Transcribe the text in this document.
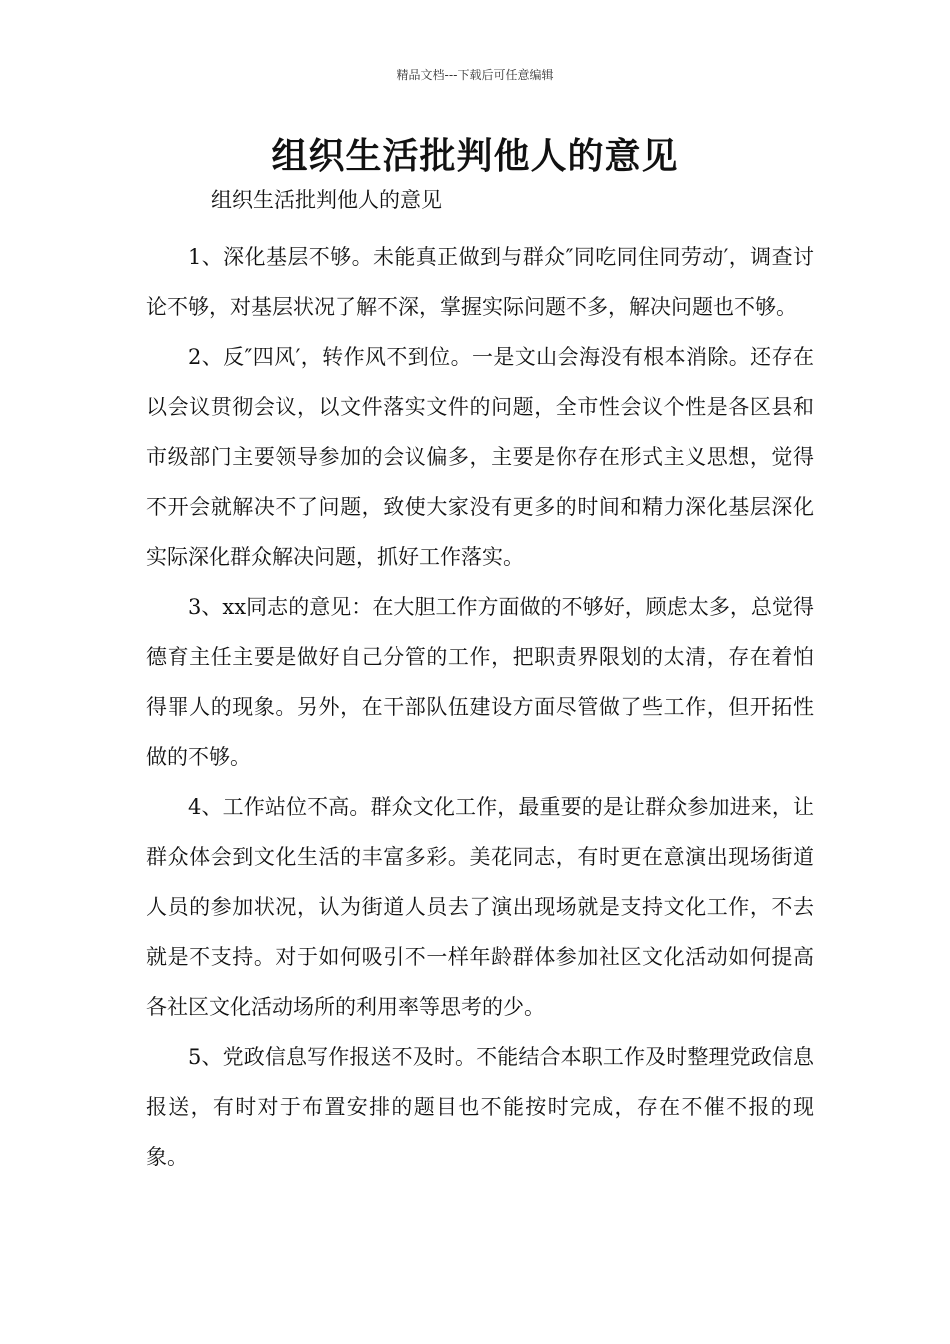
精品文档---下载后可任意编辑
组织生活批判他人的意见
组织生活批判他人的意见

1、深化基层不够。未能真正做到与群众″同吃同住同劳动′，调查讨论不够，对基层状况了解不深，掌握实际问题不多，解决问题也不够。

2、反″四风′，转作风不到位。一是文山会海没有根本消除。还存在以会议贯彻会议，以文件落实文件的问题，全市性会议个性是各区县和市级部门主要领导参加的会议偏多，主要是你存在形式主义思想，觉得不开会就解决不了问题，致使大家没有更多的时间和精力深化基层深化实际深化群众解决问题，抓好工作落实。

3、xx同志的意见：在大胆工作方面做的不够好，顾虑太多，总觉得德育主任主要是做好自己分管的工作，把职责界限划的太清，存在着怕得罪人的现象。另外，在干部队伍建设方面尽管做了些工作，但开拓性做的不够。

4、工作站位不高。群众文化工作，最重要的是让群众参加进来，让群众体会到文化生活的丰富多彩。美花同志，有时更在意演出现场街道人员的参加状况，认为街道人员去了演出现场就是支持文化工作，不去就是不支持。对于如何吸引不一样年龄群体参加社区文化活动如何提高各社区文化活动场所的利用率等思考的少。

5、党政信息写作报送不及时。不能结合本职工作及时整理党政信息报送，有时对于布置安排的题目也不能按时完成，存在不催不报的现象。
